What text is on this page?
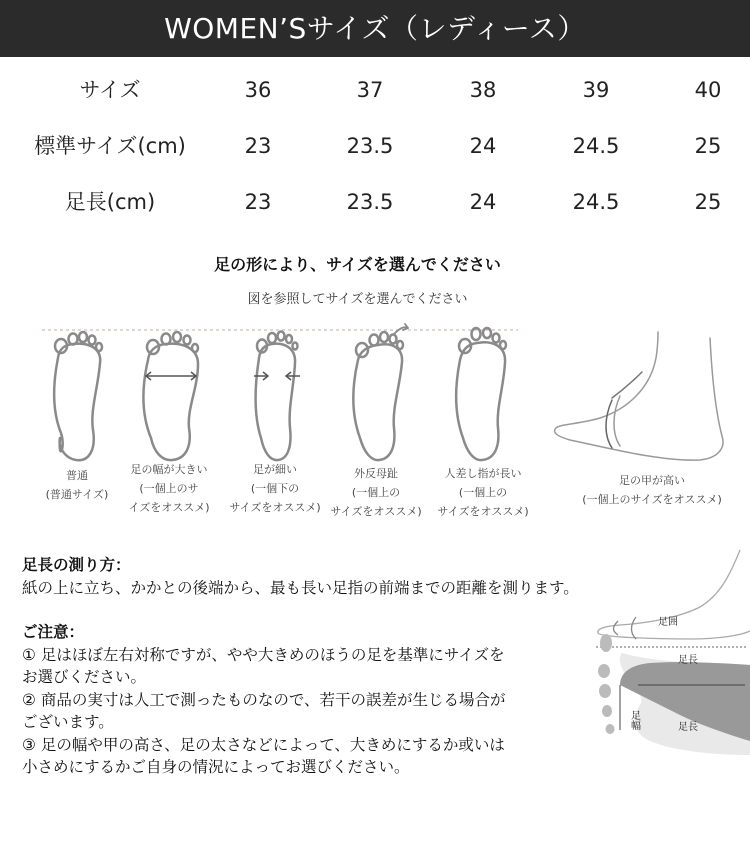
WOMEN’Sサイズ（レディース）
サイズ	36	37	38	39	40
標準サイズ(cm)	23	23.5	24	24.5	25
足長(cm)	23	23.5	24	24.5	25
足の形により、サイズを選んでください
図を参照してサイズを選んでください
普通
(普通サイズ)
足の幅が大きい
(一個上のサ
イズをオススメ)
足が細い
(一個下の
サイズをオススメ)
外反母趾
(一個上の
サイズをオススメ)
人差し指が長い
(一個上の
サイズをオススメ)
足の甲が高い
(一個上のサイズをオススメ)
足長の測り方：
紙の上に立ち、かかとの後端から、最も長い足指の前端までの距離を測ります。
ご注意：
① 足はほぼ左右対称ですが、やや大きめのほうの足を基準にサイズを
お選びください。
② 商品の実寸は人工で測ったものなので、若干の誤差が生じる場合が
ございます。
③ 足の幅や甲の高さ、足の太さなどによって、大きめにするか或いは
小さめにするかご自身の情況によってお選びください。
足囲
足長
足幅	足長
